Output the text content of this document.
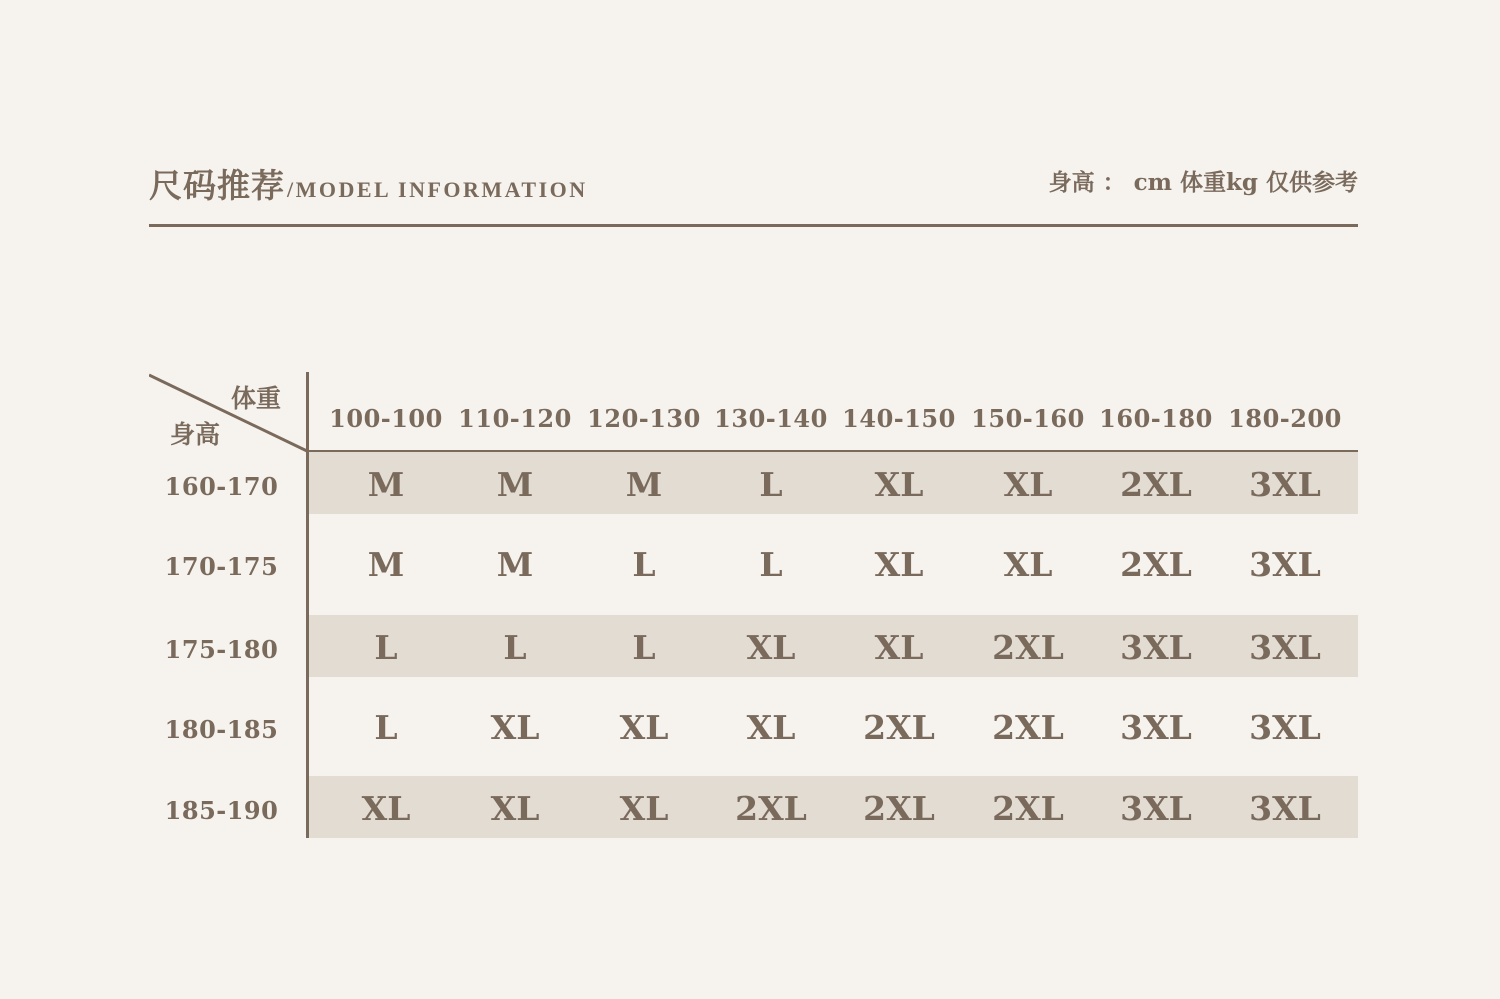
尺码推荐/MODEL INFORMATION	身高 ： cm 体重kg 仅供参考
体重
身高
100-100 110-120 120-130 130-140 140-150 150-160 160-180 180-200
160-170	M	M	M	L	XL	XL	2XL	3XL
170-175	M	M	L	L	XL	XL	2XL	3XL
175-180	L	L	L	XL	XL	2XL	3XL	3XL
180-185	L	XL	XL	XL	2XL	2XL	3XL	3XL
185-190	XL	XL	XL	2XL	2XL	2XL	3XL	3XL
